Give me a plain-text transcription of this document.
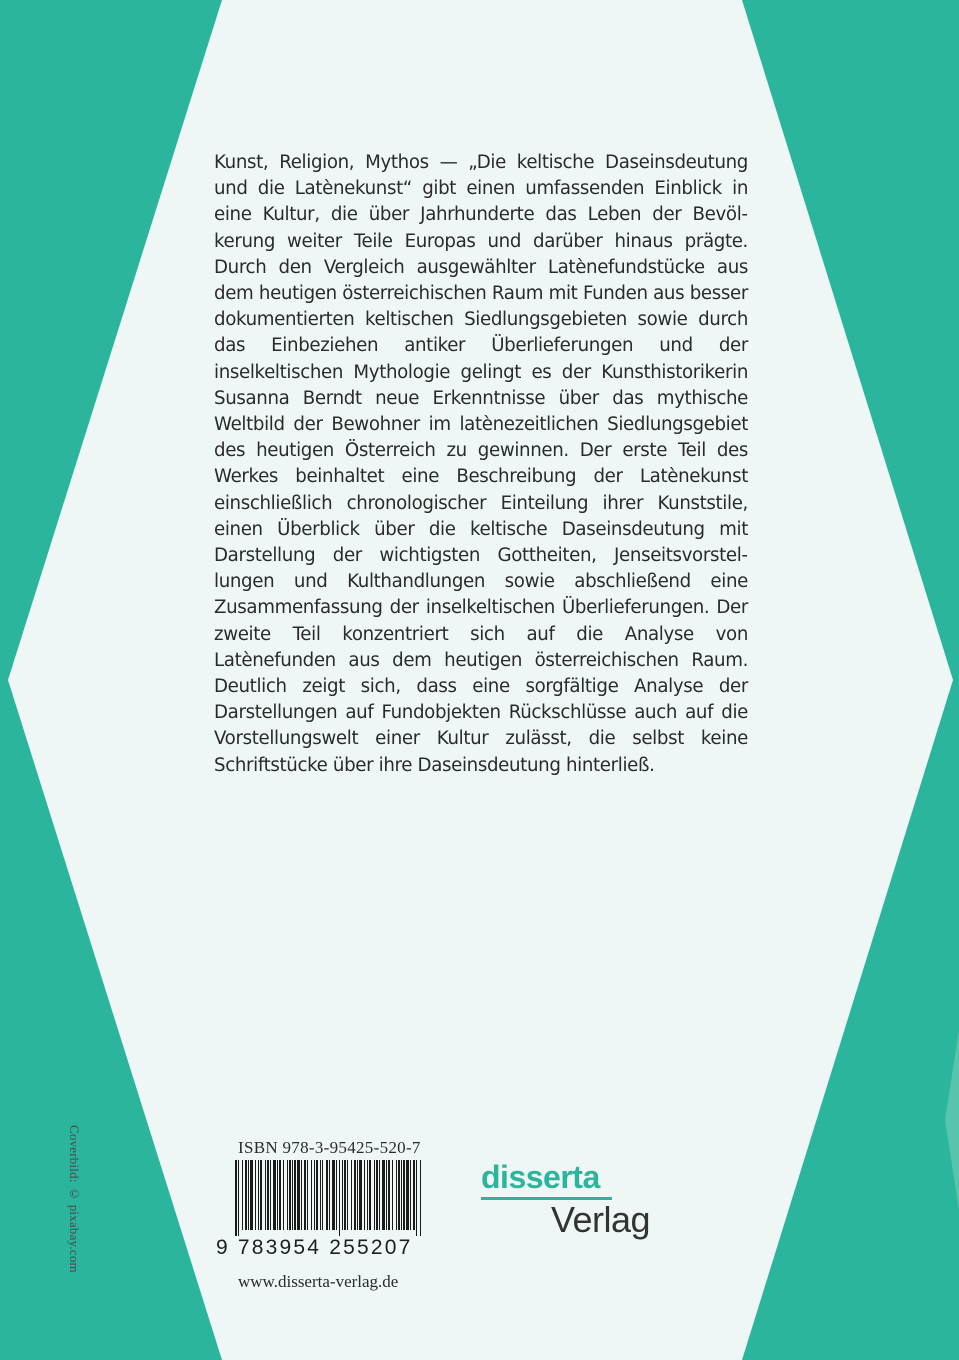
Kunst, Religion, Mythos — „Die keltische Daseinsdeutung und die Latènekunst“ gibt einen umfassenden Einblick in eine Kultur, die über Jahrhunderte das Leben der Bevölkerung weiter Teile Europas und darüber hinaus prägte. Durch den Vergleich ausgewählter Latènefundstücke aus dem heutigen österreichischen Raum mit Funden aus besser dokumentierten keltischen Siedlungsgebieten sowie durch das Einbeziehen antiker Überlieferungen und der inselkeltischen Mythologie gelingt es der Kunsthistorikerin Susanna Berndt neue Erkenntnisse über das mythische Weltbild der Bewohner im latènezeitlichen Siedlungsgebiet des heutigen Österreich zu gewinnen. Der erste Teil des Werkes beinhaltet eine Beschreibung der Latènekunst einschließlich chronologischer Einteilung ihrer Kunststile, einen Überblick über die keltische Daseinsdeutung mit Darstellung der wichtigsten Gottheiten, Jenseitsvorstellungen und Kulthandlungen sowie abschließend eine Zusammenfassung der inselkeltischen Überlieferungen. Der zweite Teil konzentriert sich auf die Analyse von Latènefunden aus dem heutigen österreichischen Raum. Deutlich zeigt sich, dass eine sorgfältige Analyse der Darstellungen auf Fundobjekten Rückschlüsse auch auf die Vorstellungswelt einer Kultur zulässt, die selbst keine Schriftstücke über ihre Daseinsdeutung hinterließ.

Coverbild: © pixabay.com	ISBN 978-3-95425-520-7
9 783954 255207
www.disserta-verlag.de
disserta
Verlag
